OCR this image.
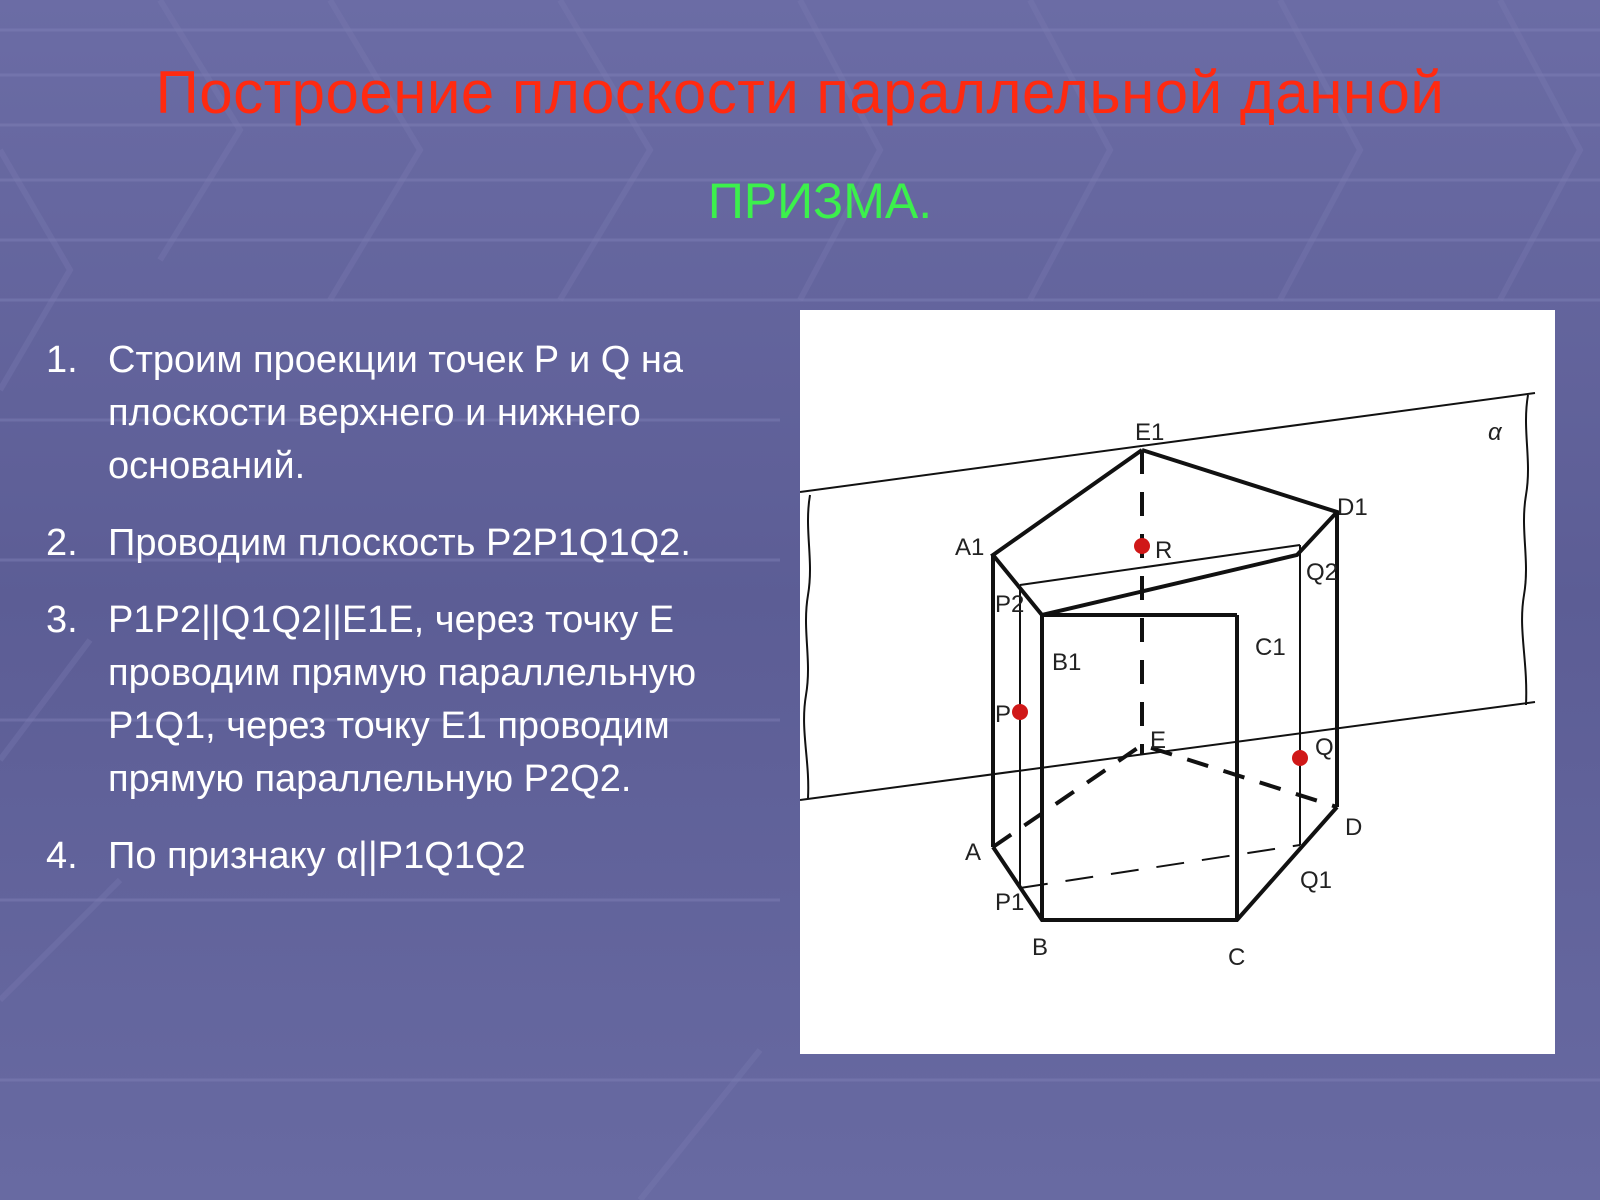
Построение плоскости параллельной данной
ПРИЗМА.
1. Строим проекции точек P и Q на плоскости верхнего и нижнего оснований.
2. Проводим плоскость P2P1Q1Q2.
3. P1P2||Q1Q2||E1E, через точку E проводим прямую параллельную P1Q1, через точку E1 проводим прямую параллельную P2Q2.
4. По признаку α||P1Q1Q2
α
E1
D1
A1	R
Q2
P2
B1
C1
P
E	Q
A
D
Q1
P1
B	C
